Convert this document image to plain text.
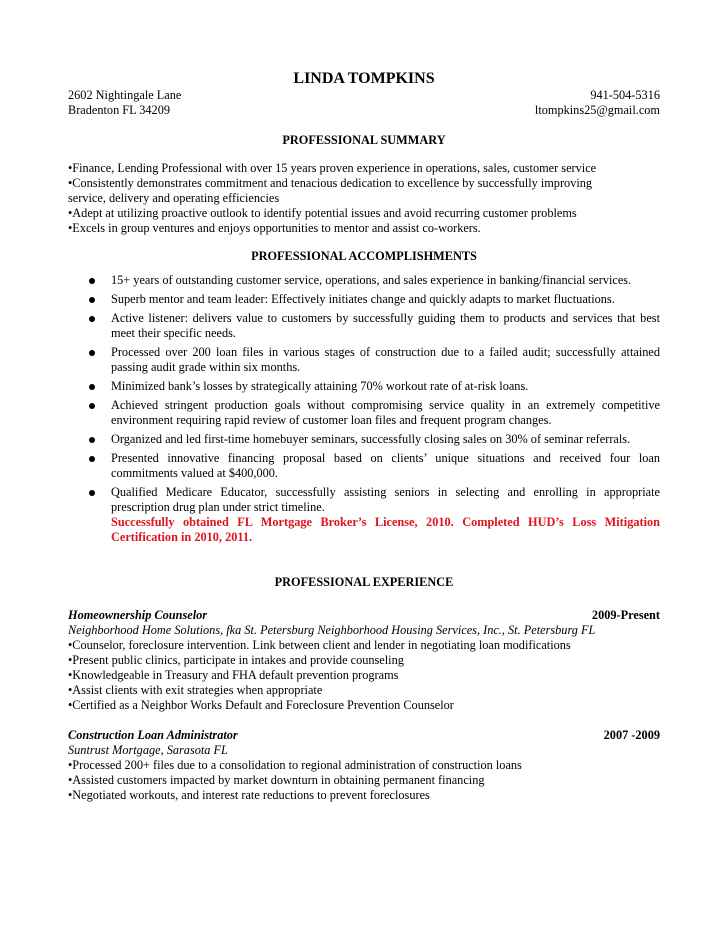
LINDA TOMPKINS
2602 Nightingale Lane	941-504-5316
Bradenton FL 34209	ltompkins25@gmail.com
PROFESSIONAL SUMMARY

•Finance, Lending Professional with over 15 years proven experience in operations, sales, customer service

•Consistently demonstrates commitment and tenacious dedication to excellence by successfully improving

service, delivery and operating efficiencies

•Adept at utilizing proactive outlook to identify potential issues and avoid recurring customer problems

•Excels in group ventures and enjoys opportunities to mentor and assist co-workers.

PROFESSIONAL ACCOMPLISHMENTS
15+ years of outstanding customer service, operations, and sales experience in banking/financial services.
Superb mentor and team leader: Effectively initiates change and quickly adapts to market fluctuations.
Active listener: delivers value to customers by successfully guiding them to products and services that best meet their specific needs.
Processed over 200 loan files in various stages of construction due to a failed audit; successfully attained passing audit grade within six months.
Minimized bank’s losses by strategically attaining 70% workout rate of at-risk loans.
Achieved stringent production goals without compromising service quality in an extremely competitive environment requiring rapid review of customer loan files and frequent program changes.
Organized and led first-time homebuyer seminars, successfully closing sales on 30% of seminar referrals.
Presented innovative financing proposal based on clients’ unique situations and received four loan commitments valued at $400,000.
Qualified Medicare Educator, successfully assisting seniors in selecting and enrolling in appropriate prescription drug plan under strict timeline.
Successfully obtained FL Mortgage Broker’s License, 2010. Completed HUD’s Loss Mitigation Certification in 2010, 2011.
PROFESSIONAL EXPERIENCE
Homeownership Counselor	2009-Present
Neighborhood Home Solutions, fka St. Petersburg Neighborhood Housing Services, Inc., St. Petersburg FL

•Counselor, foreclosure intervention. Link between client and lender in negotiating loan modifications

•Present public clinics, participate in intakes and provide counseling

•Knowledgeable in Treasury and FHA default prevention programs

•Assist clients with exit strategies when appropriate

•Certified as a Neighbor Works Default and Foreclosure Prevention Counselor

Construction Loan Administrator	2007 -2009
Suntrust Mortgage, Sarasota FL

•Processed 200+ files due to a consolidation to regional administration of construction loans

•Assisted customers impacted by market downturn in obtaining permanent financing

•Negotiated workouts, and interest rate reductions to prevent foreclosures
